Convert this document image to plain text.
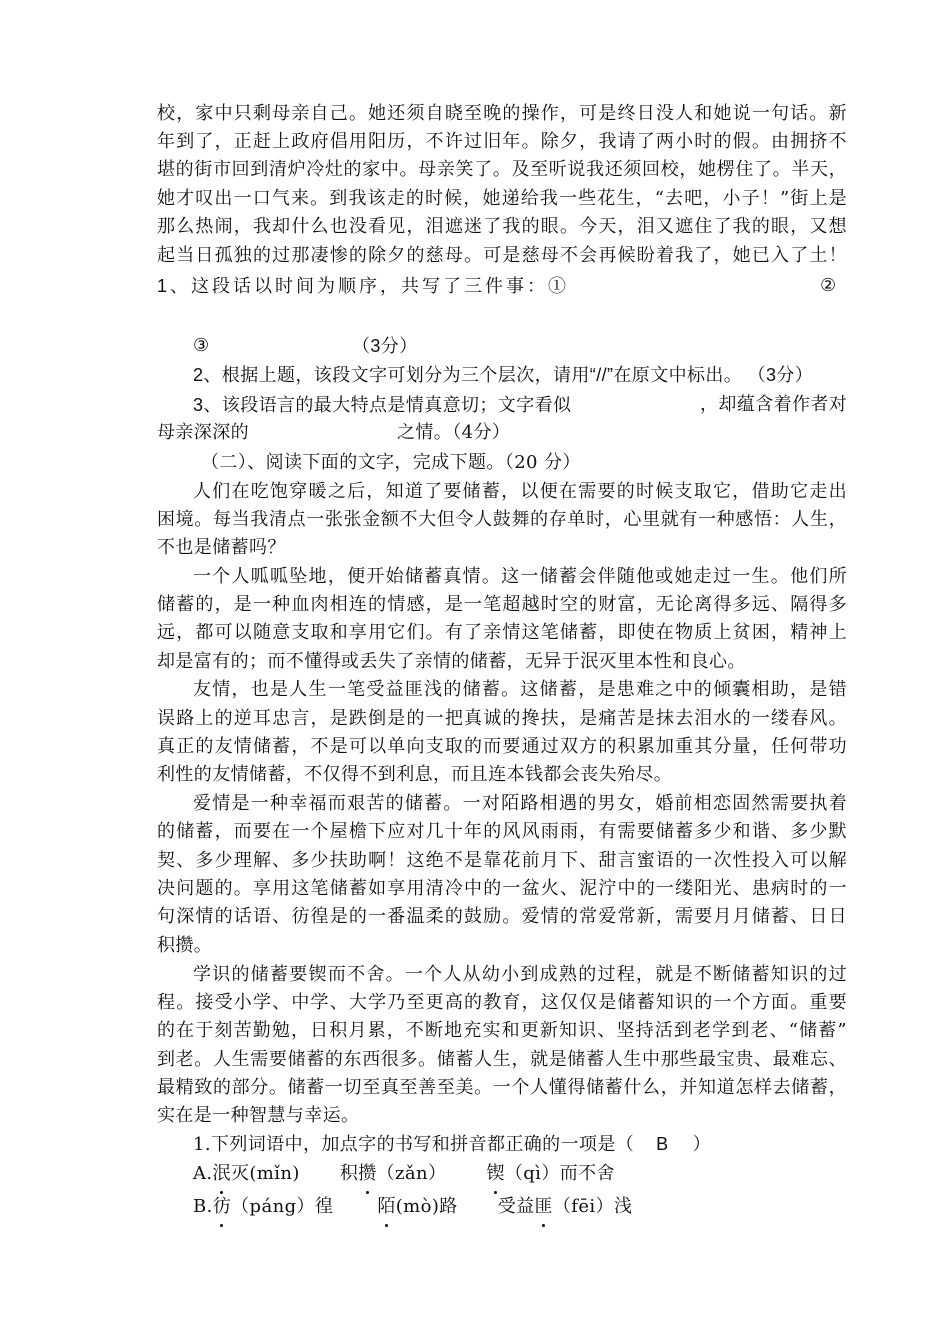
校，家中只剩母亲自己。她还须自晓至晚的操作，可是终日没人和她说一句话。新
年到了，正赶上政府倡用阳历，不许过旧年。除夕，我请了两小时的假。由拥挤不
堪的街市回到清炉冷灶的家中。母亲笑了。及至听说我还须回校，她楞住了。半天，
她才叹出一口气来。到我该走的时候，她递给我一些花生，“去吧，小子！”街上是
那么热闹，我却什么也没看见，泪遮迷了我的眼。今天，泪又遮住了我的眼，又想
起当日孤独的过那凄惨的除夕的慈母。可是慈母不会再候盼着我了，她已入了土！
1、这段话以时间为顺序，共写了三件事：①	②
③	（3分）
2、根据上题，该段文字可划分为三个层次，请用“//”在原文中标出。 （3分）
3、该段语言的最大特点是情真意切；文字看似	，却蕴含着作者对
母亲深深的	之情。（4分）
（二）、阅读下面的文字，完成下题。（20 分）
人们在吃饱穿暖之后，知道了要储蓄，以便在需要的时候支取它，借助它走出
困境。每当我清点一张张金额不大但令人鼓舞的存单时，心里就有一种感悟：人生，
不也是储蓄吗？
一个人呱呱坠地，便开始储蓄真情。这一储蓄会伴随他或她走过一生。他们所
储蓄的，是一种血肉相连的情感，是一笔超越时空的财富，无论离得多远、隔得多
远，都可以随意支取和享用它们。有了亲情这笔储蓄，即使在物质上贫困，精神上
却是富有的；而不懂得或丢失了亲情的储蓄，无异于泯灭里本性和良心。
友情，也是人生一笔受益匪浅的储蓄。这储蓄，是患难之中的倾囊相助，是错
误路上的逆耳忠言，是跌倒是的一把真诚的搀扶，是痛苦是抹去泪水的一缕春风。
真正的友情储蓄，不是可以单向支取的而要通过双方的积累加重其分量，任何带功
利性的友情储蓄，不仅得不到利息，而且连本钱都会丧失殆尽。
爱情是一种幸福而艰苦的储蓄。一对陌路相遇的男女，婚前相恋固然需要执着
的储蓄，而要在一个屋檐下应对几十年的风风雨雨，有需要储蓄多少和谐、多少默
契、多少理解、多少扶助啊！这绝不是靠花前月下、甜言蜜语的一次性投入可以解
决问题的。享用这笔储蓄如享用清冷中的一盆火、泥泞中的一缕阳光、患病时的一
句深情的话语、彷徨是的一番温柔的鼓励。爱情的常爱常新，需要月月储蓄、日日
积攒。
学识的储蓄要锲而不舍。一个人从幼小到成熟的过程，就是不断储蓄知识的过
程。接受小学、中学、大学乃至更高的教育，这仅仅是储蓄知识的一个方面。重要
的在于刻苦勤勉，日积月累，不断地充实和更新知识、坚持活到老学到老、“储蓄”
到老。人生需要储蓄的东西很多。储蓄人生，就是储蓄人生中那些最宝贵、最难忘、
最精致的部分。储蓄一切至真至善至美。一个人懂得储蓄什么，并知道怎样去储蓄，
实在是一种智慧与幸运。
1.下列词语中，加点字的书写和拼音都正确的一项是（ B ）
A.泯灭(mǐn) 积攒（zǎn） 锲（qì）而不舍
B.彷（páng）徨 陌(mò)路 受益匪（fēi）浅
